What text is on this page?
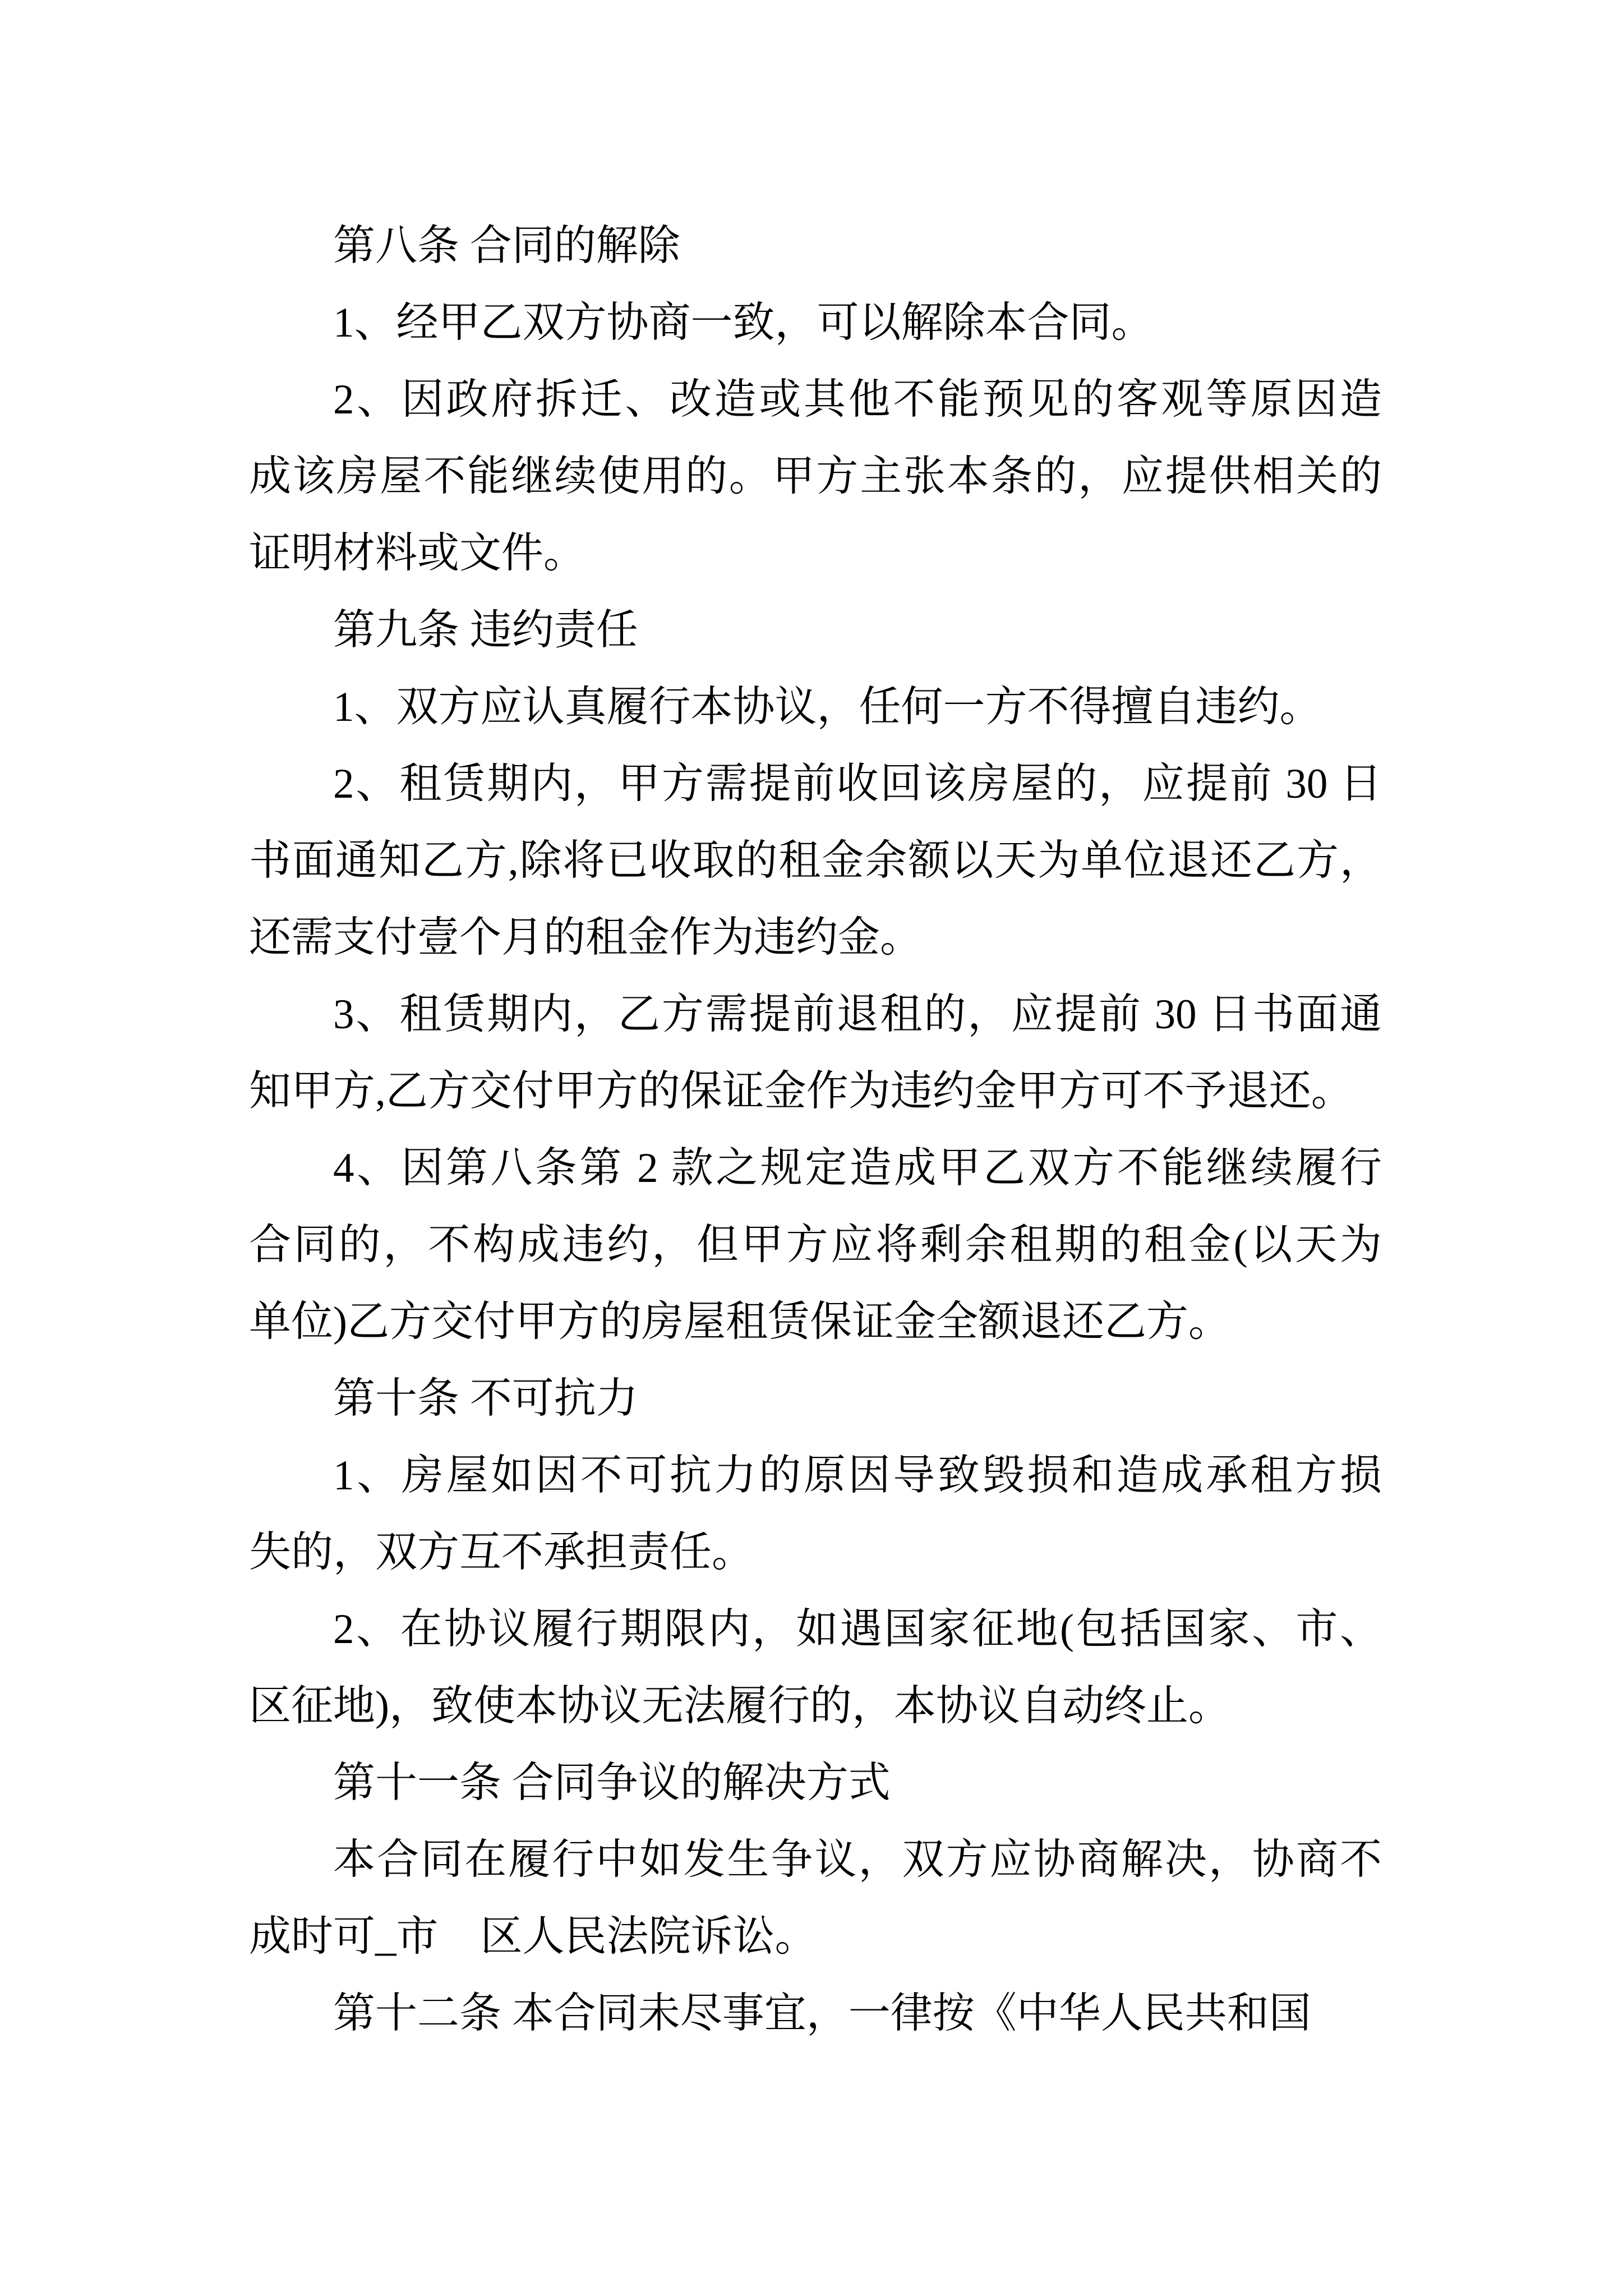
第八条 合同的解除
1、经甲乙双方协商一致，可以解除本合同。
2、因政府拆迁、改造或其他不能预见的客观等原因造
成该房屋不能继续使用的。甲方主张本条的，应提供相关的
证明材料或文件。
第九条 违约责任
1、双方应认真履行本协议，任何一方不得擅自违约。
2、租赁期内，甲方需提前收回该房屋的，应提前 30 日
书面通知乙方,除将已收取的租金余额以天为单位退还乙方，
还需支付壹个月的租金作为违约金。
3、租赁期内，乙方需提前退租的，应提前 30 日书面通
知甲方,乙方交付甲方的保证金作为违约金甲方可不予退还。
4、因第八条第 2 款之规定造成甲乙双方不能继续履行
合同的，不构成违约，但甲方应将剩余租期的租金(以天为
单位)乙方交付甲方的房屋租赁保证金全额退还乙方。
第十条 不可抗力
1、房屋如因不可抗力的原因导致毁损和造成承租方损
失的，双方互不承担责任。
2、在协议履行期限内，如遇国家征地(包括国家、市、
区征地)，致使本协议无法履行的，本协议自动终止。
第十一条 合同争议的解决方式
本合同在履行中如发生争议，双方应协商解决，协商不
成时可_市　区人民法院诉讼。
第十二条 本合同未尽事宜，一律按《中华人民共和国
